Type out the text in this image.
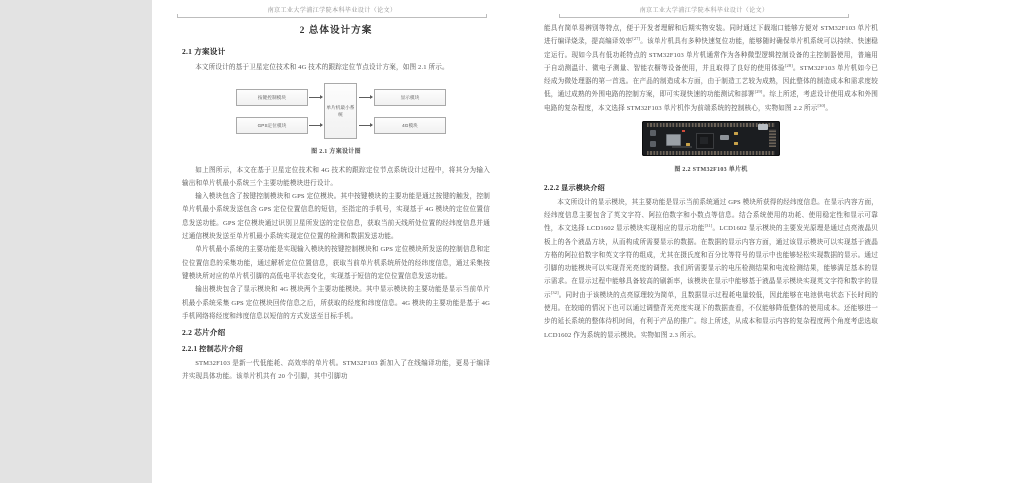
南京工业大学浦江学院本科毕业设计（论文）
2 总体设计方案
2.1 方案设计

本文所设计的基于卫星定位技术和 4G 技术的跟踪定位节点设计方案，如图 2.1 所示。

按键控制模块
GPS定位模块
单片机最小系统
显示模块
4G模块
图 2.1 方案设计图

如上图所示，本文在基于卫星定位技术和 4G 技术的跟踪定位节点系统设计过程中，将其分为输入输出和单片机最小系统三个主要功能模块进行设计。

输入模块包含了按键控制模块和 GPS 定位模块。其中按键模块的主要功能是通过按键的触发，控制单片机最小系统发送包含 GPS 定位位置信息的短信，至指定的手机号，实现基于 4G 模块的定位位置信息发送功能。GPS 定位模块通过识别卫星所发送的定位信息，获取当前天线所处位置的经纬度信息并通过通信模块发送至单片机最小系统实现定位位置的检测和数据发送功能。

单片机最小系统的主要功能是实现输入模块的按键控制模块和 GPS 定位模块所发送的控制信息和定位位置信息的采集功能，通过解析定位位置信息，获取当前单片机系统所处的经纬度信息，通过采集按键模块所对应的单片机引脚的高低电平状态变化，实现基于短信的定位位置信息发送功能。

输出模块包含了显示模块和 4G 模块两个主要功能模块。其中显示模块的主要功能是显示当前单片机最小系统采集 GPS 定位模块回传信息之后，所获取的经度和纬度信息。4G 模块的主要功能是基于 4G 手机网络将经度和纬度信息以短信的方式发送至目标手机。

2.2 芯片介绍
2.2.1 控制芯片介绍

STM32F103 是新一代低能耗、高效率的单片机。STM32F103 新加入了在线编译功能，更易于编译并实现具体功能。该单片机共有 20 个引脚，其中引脚功

南京工业大学浦江学院本科毕业设计（论文）

能具有简单易辨别等特点，便于开发者理解和后期实物安装。同时通过下载端口能够方便对 STM32F103 单片机进行编译烧录，提高编译效率[27]。该单片机具有多种快速复位功能，能够随时确保单片机系统可以持续、快速稳定运行。现如今具有低功耗特点的 STM32F103 单片机通常作为各种微型逻辑控制设备的主控制器使用，普遍用于自动测温计、微电子测量、智能衣橱等设备使用，并且取得了良好的使用体验[28]。STM32F103 单片机如今已经成为微处理器的第一首选。在产品的制造成本方面，由于制造工艺较为成熟，因此整体的制造成本和需求度较低，通过成熟的外围电路的控制方案，即可实现快速的功能测试和部署[29]。综上所述，考虑设计使用成本和外围电路的复杂程度，本文选择 STM32F103 单片机作为前端系统的控制核心，实物如图 2.2 所示[30]。

图 2.2 STM32F103 单片机
2.2.2 显示模块介绍

本文所设计的显示模块，其主要功能是显示当前系统通过 GPS 模块所获得的经纬度信息。在显示内容方面，经纬度信息主要包含了英文字符、阿拉伯数字和小数点等信息。结合系统使用的功耗、使用稳定性和显示可靠性，本文选择 LCD1602 显示模块实现相应的显示功能[31]。LCD1602 显示模块的主要发光原理是通过点亮液晶贝板上的各个液晶方块，从而构成所需要显示的数据。在数据的显示内容方面，通过该显示模块可以实现基于液晶方格的阿拉伯数字和英文字符的组成，尤其在摄氏度和百分比等符号的显示中也能够轻松实现数据的显示。通过引脚的功能模块可以实现背光亮度的调整。我们所需要显示的电压检测结果和电流检测结果，能够满足基本的显示需求。在显示过程中能够具备较高的刷新率，该模块在显示中能够基于液晶显示模块实现英文字符和数字的显示[32]。同时由于该模块的点亮原理较为简单，且数据显示过程耗电量较低，因此能够在电池供电状态下长时间的使用。在较暗的情况下也可以通过调整背光亮度实现下的数据查看，不仅能够降低整体的使用成本。还能够进一步的延长系统的整体待机时间，有利于产品的推广。综上所述，从成本和显示内容的复杂程度两个角度考虑选取 LCD1602 作为系统的显示模块。实物如图 2.3 所示。
